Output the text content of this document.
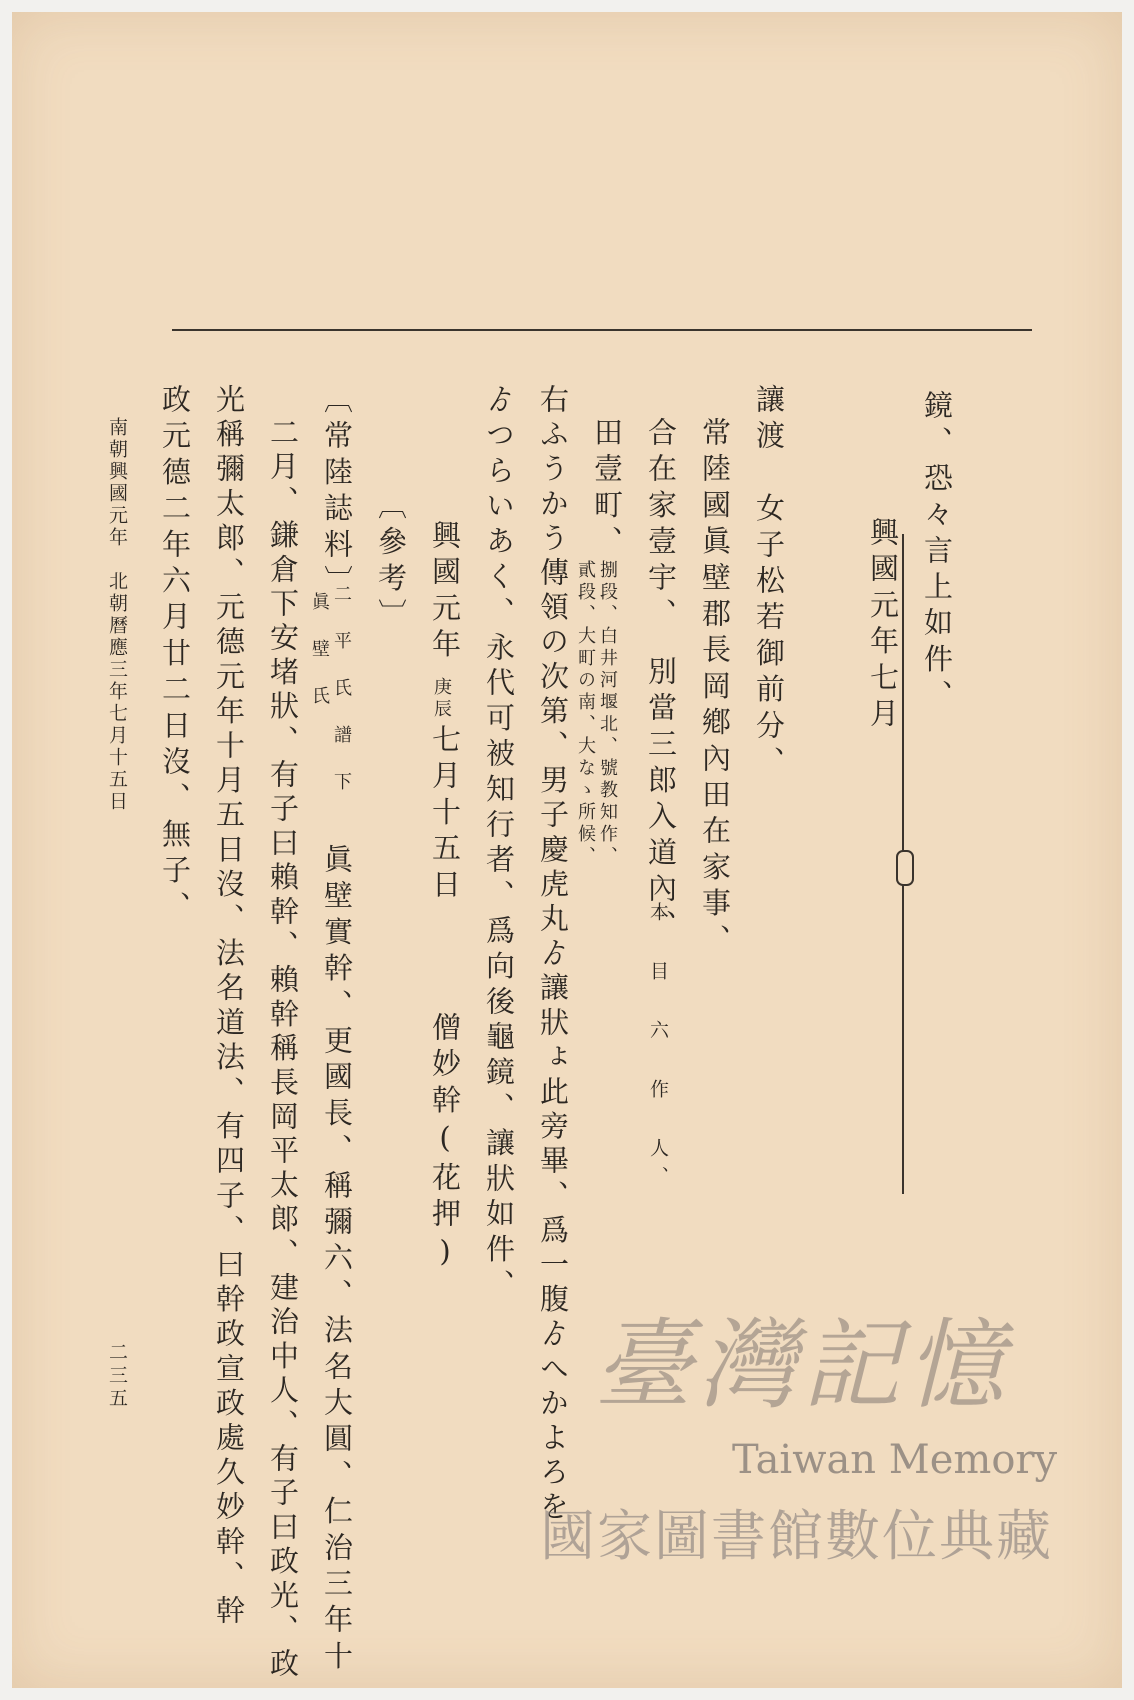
鏡、恐々言上如件、
興國元年七月
讓渡　女子松若御前分、
常陸國眞壁郡長岡鄕內田在家事、
合在家壹宇、　別當三郎入道內、
本 目 六 作 人、
田壹町、
捌段、白井河堰北、號教知作、
貳段、大町の南、大なゝ所候、
右ふうかう傳領の次第、男子慶虎丸ゟ讓狀ょ此旁畢、爲一腹ゟへかよろを
ゟつらいあく、永代可被知行者、爲向後龜鏡、讓狀如件、
興國元年
庚辰
七月十五日
僧妙幹(花押)
〔參考〕
〔常陸誌料〕
二 平 氏 譜 下
眞 壁 氏
眞壁實幹、更國長、稱彌六、法名大圓、仁治三年十
二月、鎌倉下安堵狀、有子曰賴幹、賴幹稱長岡平太郞、建治中人、有子曰政光、政
光稱彌太郞、元德元年十月五日沒、法名道法、有四子、曰幹政宣政處久妙幹、幹
政元德二年六月廿二日沒、無子、
南朝興國元年　北朝曆應三年七月十五日
二三五	臺灣記憶
Taiwan Memory
國家圖書館數位典藏
